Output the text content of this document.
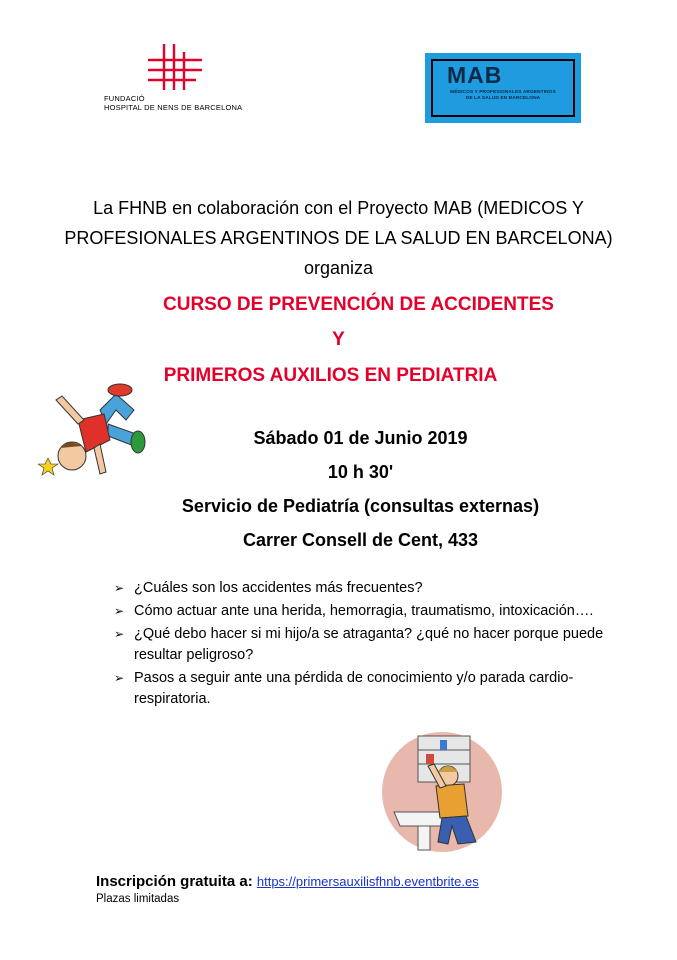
FUNDACIÓ
HOSPITAL DE NENS DE BARCELONA
MAB
MÉDICOS Y PROFESIONALES ARGENTINOS DE LA SALUD EN BARCELONA
La FHNB en colaboración con el Proyecto MAB (MEDICOS Y PROFESIONALES ARGENTINOS DE LA SALUD EN BARCELONA) organiza
CURSO DE PREVENCIÓN DE ACCIDENTES
Y
PRIMEROS AUXILIOS EN PEDIATRIA
Sábado 01 de Junio 2019
10 h 30'
Servicio de Pediatría (consultas externas)
Carrer Consell de Cent, 433
➢ ¿Cuáles son los accidentes más frecuentes?
➢ Cómo actuar ante una herida, hemorragia, traumatismo, intoxicación….
➢ ¿Qué debo hacer si mi hijo/a se atraganta? ¿qué no hacer porque puede resultar peligroso?
➢ Pasos a seguir ante una pérdida de conocimiento y/o parada cardio-respiratoria.
Inscripción gratuita a: https://primersauxilisfhnb.eventbrite.es
Plazas limitadas
